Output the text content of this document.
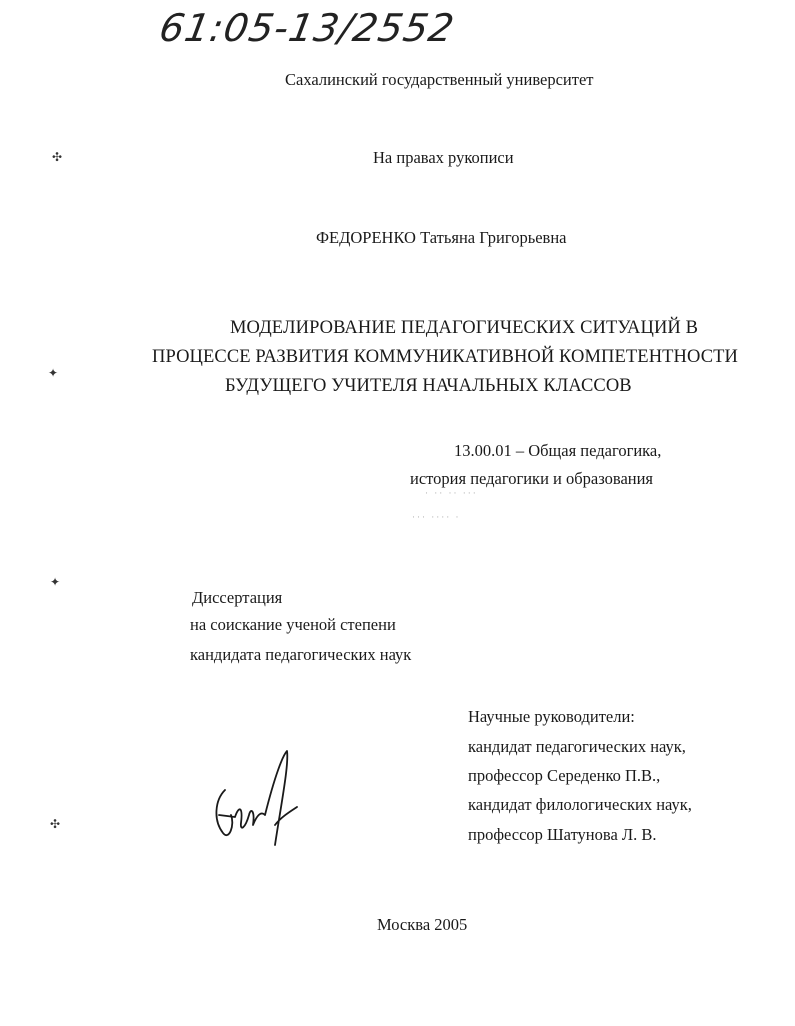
61:05-13/2552
Сахалинский государственный университет
На правах рукописи
ФЕДОРЕНКО Татьяна Григорьевна
МОДЕЛИРОВАНИЕ ПЕДАГОГИЧЕСКИХ СИТУАЦИЙ В
ПРОЦЕССЕ РАЗВИТИЯ КОММУНИКАТИВНОЙ КОМПЕТЕНТНОСТИ
БУДУЩЕГО УЧИТЕЛЯ НАЧАЛЬНЫХ КЛАССОВ
13.00.01 – Общая педагогика,
история педагогики и образования
· ·· ·· ···
··· ···· ·
Диссертация
на соискание ученой степени
кандидата педагогических наук
Научные руководители:
кандидат педагогических наук,
профессор Середенко П.В.,
кандидат филологических наук,
профессор Шатунова Л. В.
✣
✦
✦
✣
Москва 2005
